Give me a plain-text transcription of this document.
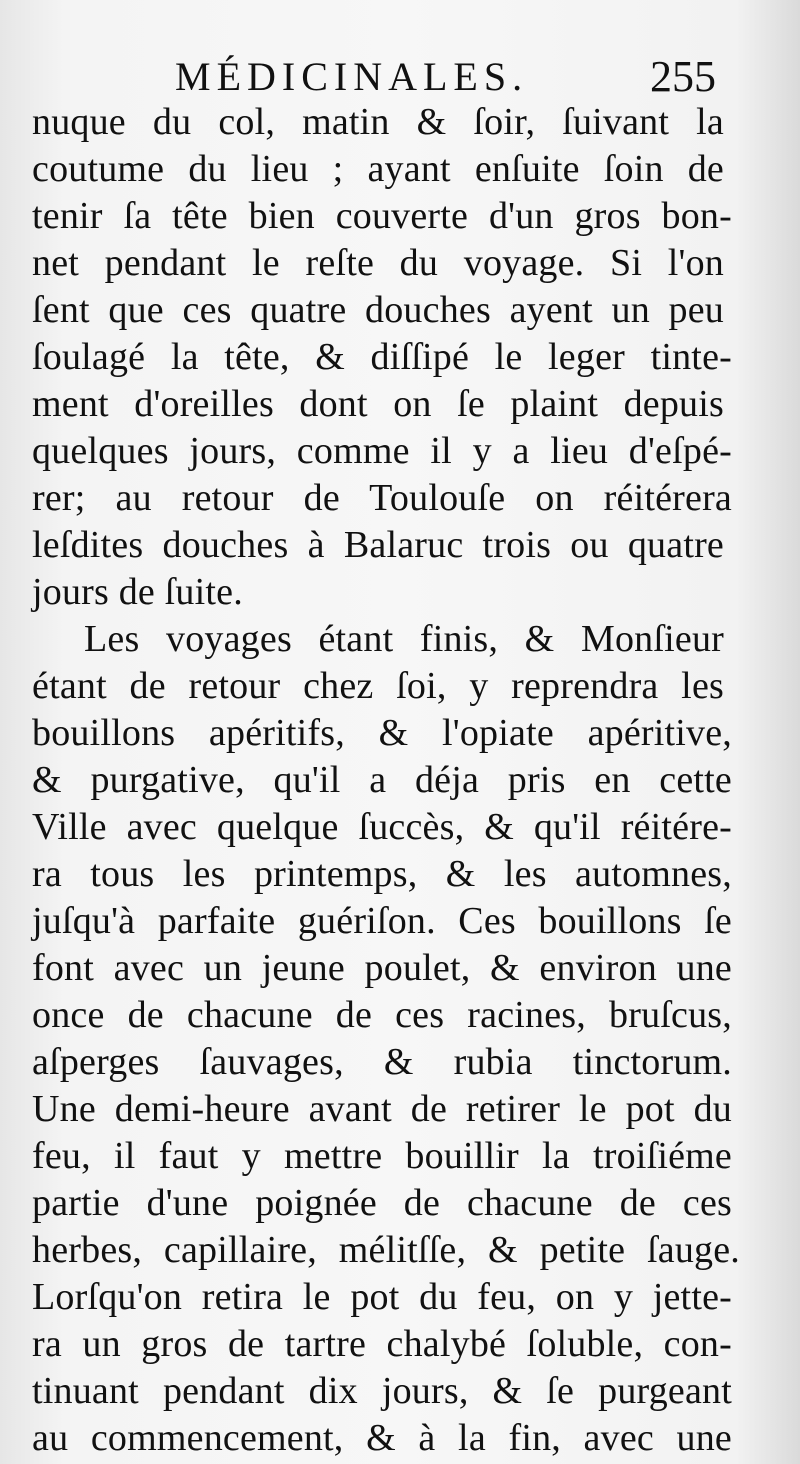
MÉDICINALES.	255
nuque du col, matin & ſoir, ſuivant la
coutume du lieu ; ayant enſuite ſoin de
tenir ſa tête bien couverte d'un gros bon-
net pendant le reſte du voyage. Si l'on
ſent que ces quatre douches ayent un peu
ſoulagé la tête, & diſſipé le leger tinte-
ment d'oreilles dont on ſe plaint depuis
quelques jours, comme il y a lieu d'eſpé-
rer; au retour de Toulouſe on réitérera
leſdites douches à Balaruc trois ou quatre
jours de ſuite.
Les voyages étant finis, & Monſieur
étant de retour chez ſoi, y reprendra les
bouillons apéritifs, & l'opiate apéritive,
& purgative, qu'il a déja pris en cette
Ville avec quelque ſuccès, & qu'il réitére-
ra tous les printemps, & les automnes,
juſqu'à parfaite guériſon. Ces bouillons ſe
font avec un jeune poulet, & environ une
once de chacune de ces racines, bruſcus,
aſperges ſauvages, & rubia tinctorum.
Une demi-heure avant de retirer le pot du
feu, il faut y mettre bouillir la troiſiéme
partie d'une poignée de chacune de ces
herbes, capillaire, mélitſſe, & petite ſauge.
Lorſqu'on retira le pot du feu, on y jette-
ra un gros de tartre chalybé ſoluble, con-
tinuant pendant dix jours, & ſe purgeant
au commencement, & à la fin, avec une
